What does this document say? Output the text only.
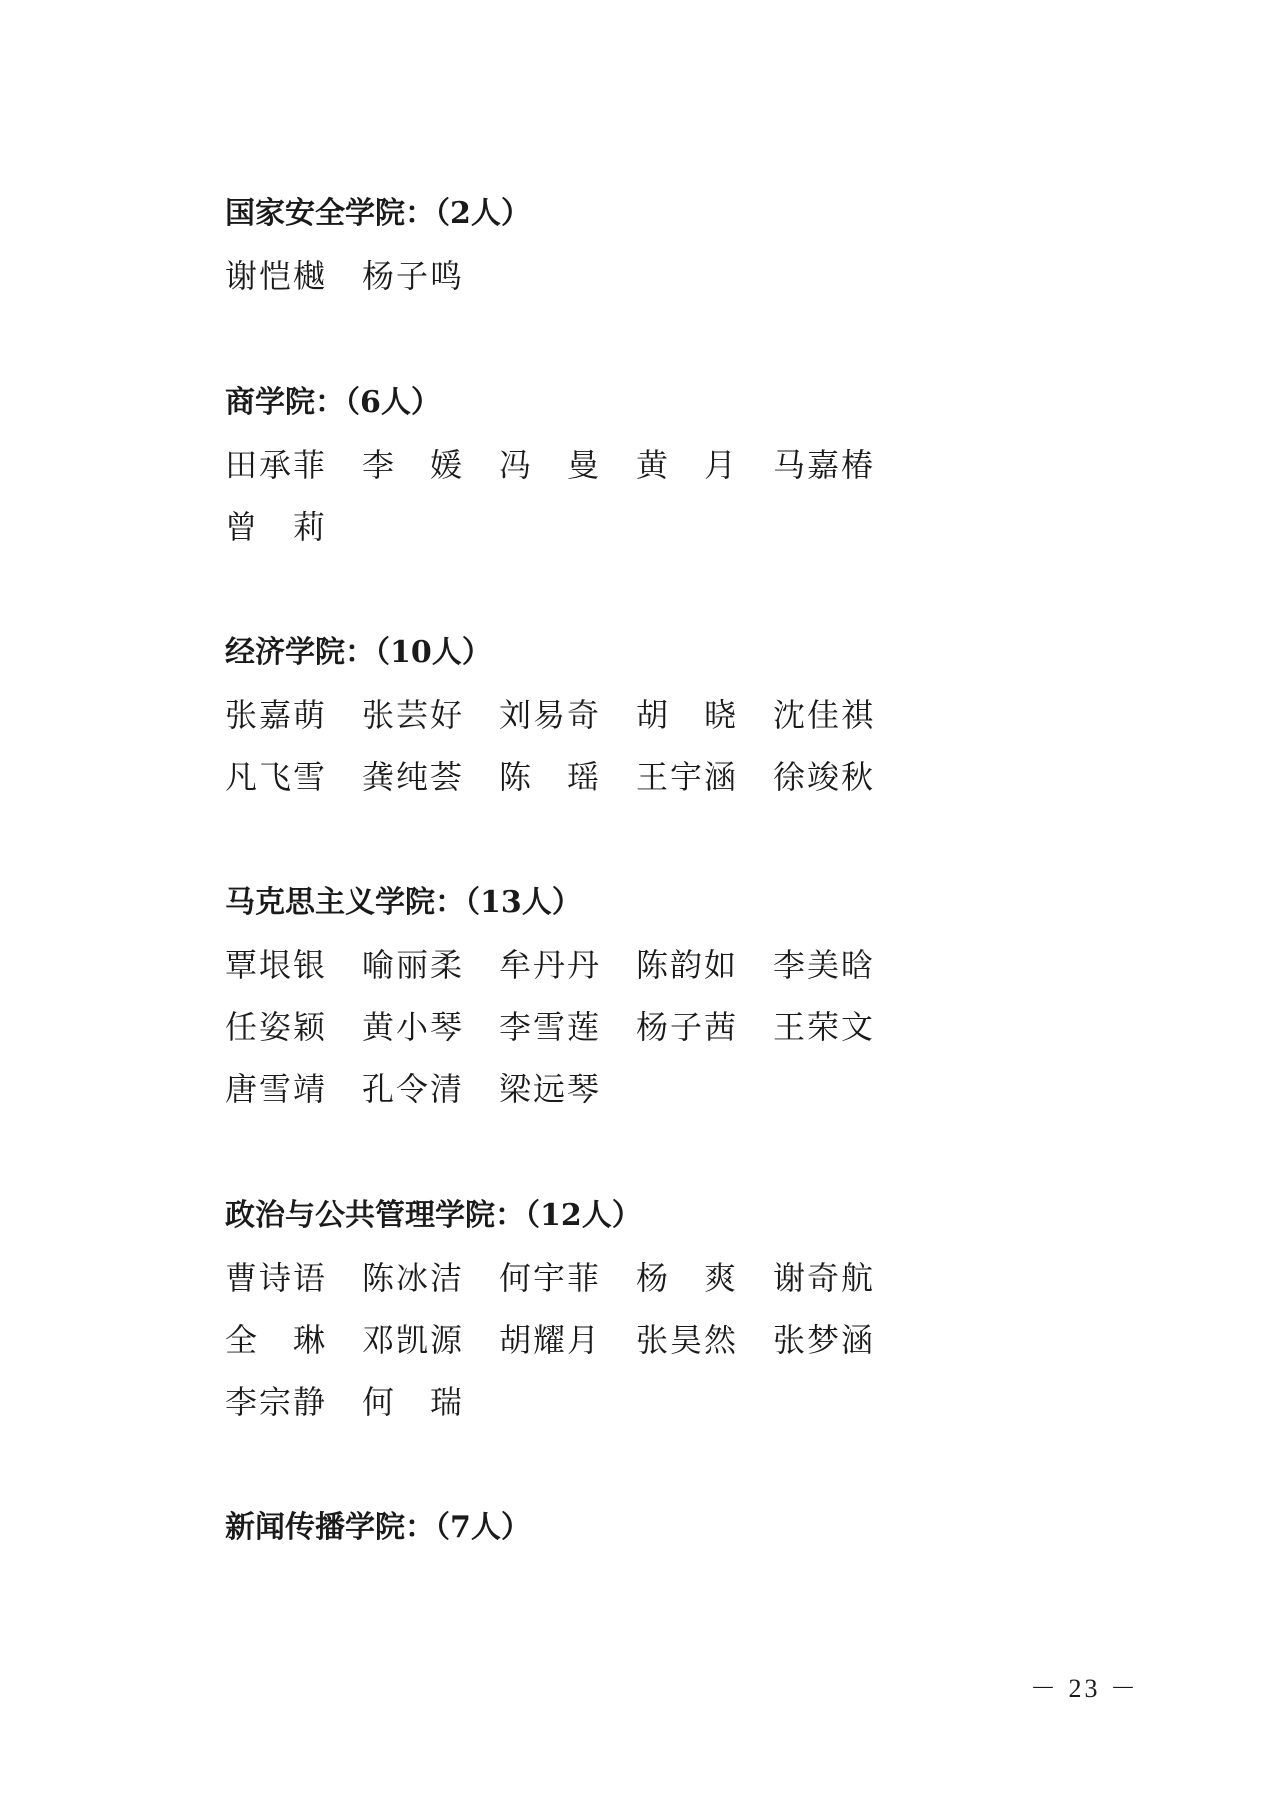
国家安全学院：（2人）
谢恺樾 杨子鸣
商学院：（6人）
田承菲 李　媛 冯　曼 黄　月 马嘉椿
曾　莉
经济学院：（10人）
张嘉萌 张芸好 刘易奇 胡　晓 沈佳祺
凡飞雪 龚纯荟 陈　瑶 王宇涵 徐竣秋
马克思主义学院：（13人）
覃垠银 喻丽柔 牟丹丹 陈韵如 李美晗
任姿颖 黄小琴 李雪莲 杨子茜 王荣文
唐雪靖 孔令清 梁远琴
政治与公共管理学院：（12人）
曹诗语 陈冰洁 何宇菲 杨　爽 谢奇航
全　琳 邓凯源 胡耀月 张昊然 张梦涵
李宗静 何　瑞
新闻传播学院：（7人）
－ 23 －
